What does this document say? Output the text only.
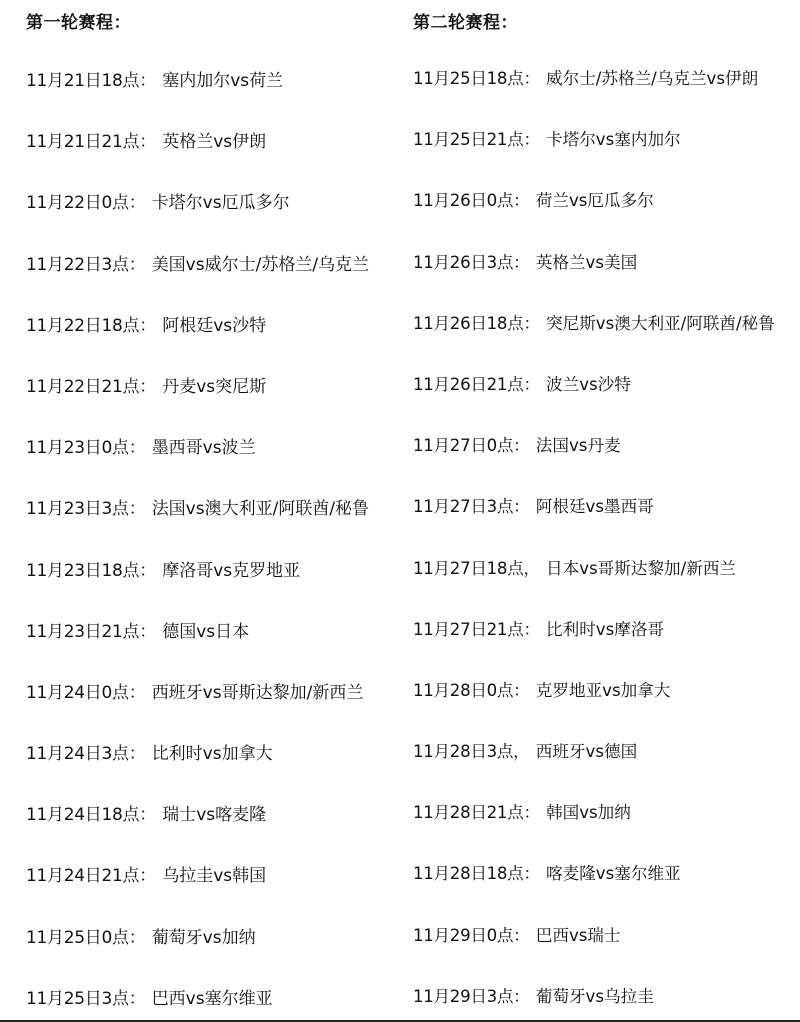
第一轮赛程：
11月21日18点： 塞内加尔vs荷兰
11月21日21点： 英格兰vs伊朗
11月22日0点： 卡塔尔vs厄瓜多尔
11月22日3点： 美国vs威尔士/苏格兰/乌克兰
11月22日18点： 阿根廷vs沙特
11月22日21点： 丹麦vs突尼斯
11月23日0点： 墨西哥vs波兰
11月23日3点： 法国vs澳大利亚/阿联酋/秘鲁
11月23日18点： 摩洛哥vs克罗地亚
11月23日21点： 德国vs日本
11月24日0点： 西班牙vs哥斯达黎加/新西兰
11月24日3点： 比利时vs加拿大
11月24日18点： 瑞士vs喀麦隆
11月24日21点： 乌拉圭vs韩国
11月25日0点： 葡萄牙vs加纳
11月25日3点： 巴西vs塞尔维亚
第二轮赛程：
11月25日18点： 威尔士/苏格兰/乌克兰vs伊朗
11月25日21点： 卡塔尔vs塞内加尔
11月26日0点： 荷兰vs厄瓜多尔
11月26日3点： 英格兰vs美国
11月26日18点： 突尼斯vs澳大利亚/阿联酋/秘鲁
11月26日21点： 波兰vs沙特
11月27日0点： 法国vs丹麦
11月27日3点： 阿根廷vs墨西哥
11月27日18点， 日本vs哥斯达黎加/新西兰
11月27日21点： 比利时vs摩洛哥
11月28日0点： 克罗地亚vs加拿大
11月28日3点， 西班牙vs德国
11月28日21点： 韩国vs加纳
11月28日18点： 喀麦隆vs塞尔维亚
11月29日0点： 巴西vs瑞士
11月29日3点： 葡萄牙vs乌拉圭
